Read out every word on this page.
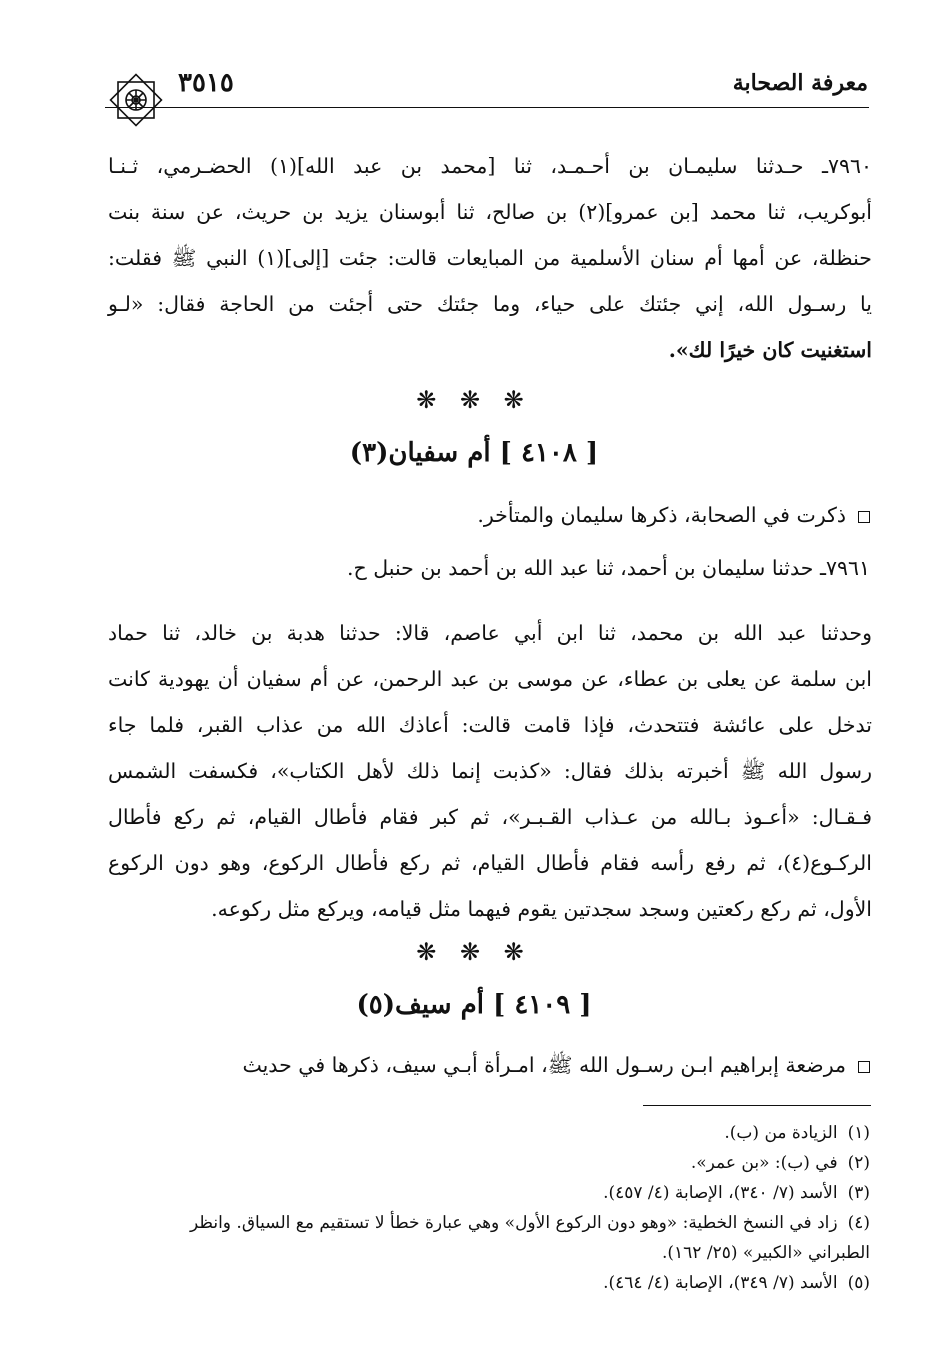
معرفة الصحابة
٣٥١٥
٧٩٦٠ـ حـدثنا سليمـان بن أحـمـد، ثنا [محمد بن عبد الله](١) الحضـرمي، ثـنـا
أبوكريب، ثنا محمد [بن عمرو](٢) بن صالح، ثنا أبوسنان يزيد بن حريث، عن سنة بنت
حنظلة، عن أمها أم سنان الأسلمية من المبايعات قالت: جئت [إلى](١) النبي ﷺ فقلت:
يا رسـول الله، إني جئتك على حياء، وما جئتك حتى أجئت من الحاجة فقال: «لـو
استغنيت كان خيرًا لك».
❋ ❋ ❋
[ ٤١٠٨ ] أم سفيان(٣)
ذكرت في الصحابة، ذكرها سليمان والمتأخر.
٧٩٦١ـ حدثنا سليمان بن أحمد، ثنا عبد الله بن أحمد بن حنبل ح.
وحدثنا عبد الله بن محمد، ثنا ابن أبي عاصم، قالا: حدثنا هدبة بن خالد، ثنا حماد
ابن سلمة عن يعلى بن عطاء، عن موسى بن عبد الرحمن، عن أم سفيان أن يهودية كانت
تدخل على عائشة فتتحدث، فإذا قامت قالت: أعاذك الله من عذاب القبر، فلما جاء
رسول الله ﷺ أخبرته بذلك فقال: «كذبت إنما ذلك لأهل الكتاب»، فكسفت الشمس
فـقـال: «أعـوذ بـالله من عـذاب القـبـر»، ثم كبر فقام فأطال القيام، ثم ركع فأطال
الركـوع(٤)، ثم رفع رأسه فقام فأطال القيام، ثم ركع فأطال الركوع، وهو دون الركوع
الأول، ثم ركع ركعتين وسجد سجدتين يقوم فيهما مثل قيامه، ويركع مثل ركوعه.
❋ ❋ ❋
[ ٤١٠٩ ] أم سيف(٥)
مرضعة إبراهيم ابـن رسـول الله ﷺ، امـرأة أبـي سيف، ذكرها في حديث
(١)الزيادة من (ب).
(٢)في (ب): «بن عمر».
(٣)الأسد (٧/ ٣٤٠)، الإصابة (٤/ ٤٥٧).
(٤)زاد في النسخ الخطية: «وهو دون الركوع الأول» وهي عبارة خطأ لا تستقيم مع السياق. وانظر
الطبراني «الكبير» (٢٥/ ١٦٢).
(٥)الأسد (٧/ ٣٤٩)، الإصابة (٤/ ٤٦٤).
